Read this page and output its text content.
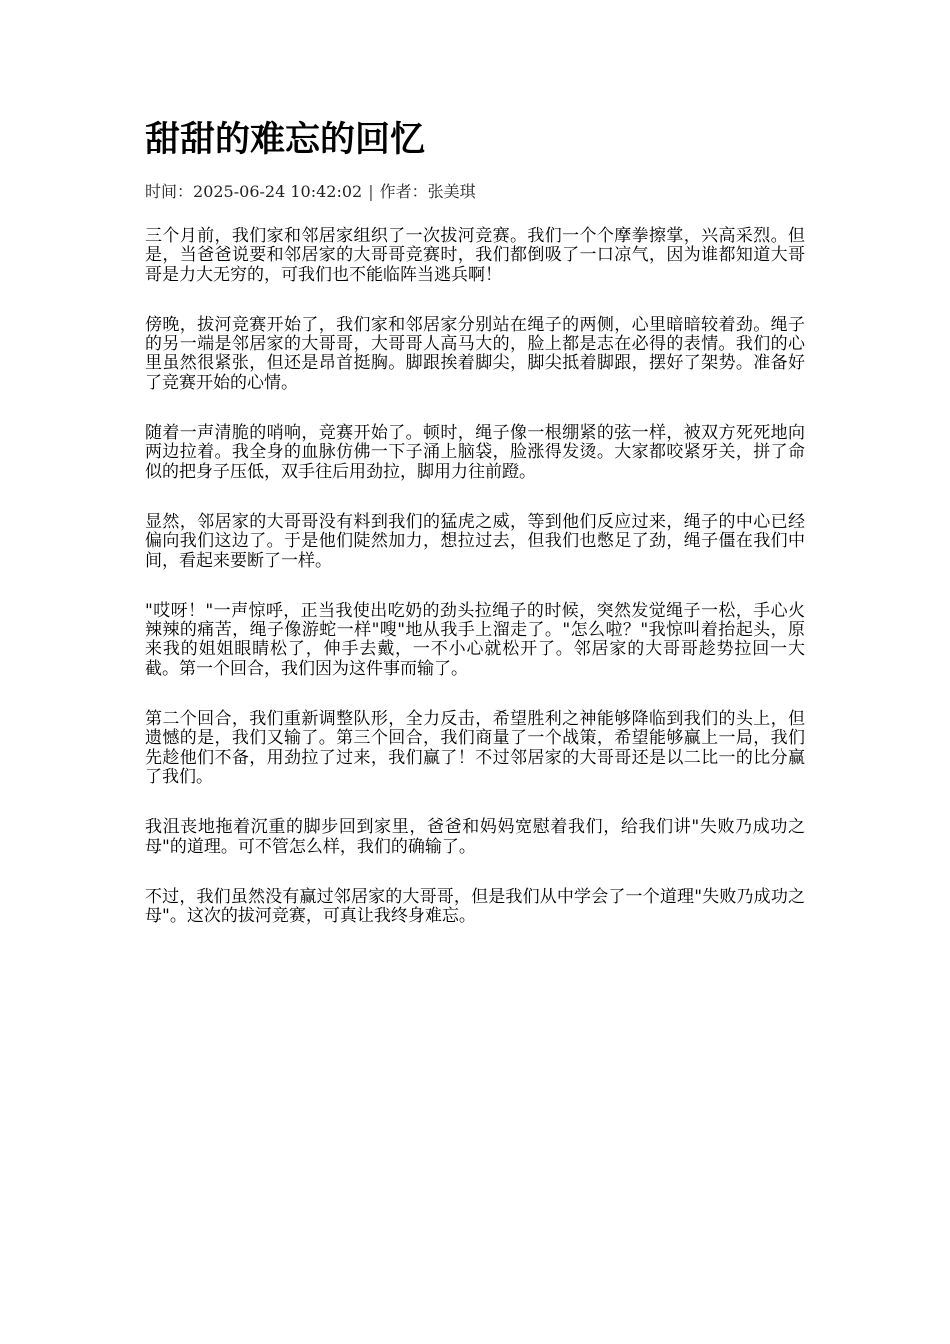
甜甜的难忘的回忆
时间：2025-06-24 10:42:02 | 作者：张美琪

三个月前，我们家和邻居家组织了一次拔河竞赛。我们一个个摩拳擦掌，兴高采烈。但是，当爸爸说要和邻居家的大哥哥竞赛时，我们都倒吸了一口凉气，因为谁都知道大哥哥是力大无穷的，可我们也不能临阵当逃兵啊！

傍晚，拔河竞赛开始了，我们家和邻居家分别站在绳子的两侧，心里暗暗较着劲。绳子的另一端是邻居家的大哥哥，大哥哥人高马大的，脸上都是志在必得的表情。我们的心里虽然很紧张，但还是昂首挺胸。脚跟挨着脚尖，脚尖抵着脚跟，摆好了架势。准备好了竞赛开始的心情。

随着一声清脆的哨响，竞赛开始了。顿时，绳子像一根绷紧的弦一样，被双方死死地向两边拉着。我全身的血脉仿佛一下子涌上脑袋，脸涨得发烫。大家都咬紧牙关，拼了命似的把身子压低，双手往后用劲拉，脚用力往前蹬。

显然，邻居家的大哥哥没有料到我们的猛虎之威，等到他们反应过来，绳子的中心已经偏向我们这边了。于是他们陡然加力，想拉过去，但我们也憋足了劲，绳子僵在我们中间，看起来要断了一样。

"哎呀！"一声惊呼，正当我使出吃奶的劲头拉绳子的时候，突然发觉绳子一松，手心火辣辣的痛苦，绳子像游蛇一样"嗖"地从我手上溜走了。"怎么啦？"我惊叫着抬起头，原来我的姐姐眼睛松了，伸手去戴，一不小心就松开了。邻居家的大哥哥趁势拉回一大截。第一个回合，我们因为这件事而输了。

第二个回合，我们重新调整队形，全力反击，希望胜利之神能够降临到我们的头上，但遗憾的是，我们又输了。第三个回合，我们商量了一个战策，希望能够赢上一局，我们先趁他们不备，用劲拉了过来，我们赢了！不过邻居家的大哥哥还是以二比一的比分赢了我们。

我沮丧地拖着沉重的脚步回到家里，爸爸和妈妈宽慰着我们，给我们讲"失败乃成功之母"的道理。可不管怎么样，我们的确输了。

不过，我们虽然没有赢过邻居家的大哥哥，但是我们从中学会了一个道理"失败乃成功之母"。这次的拔河竞赛，可真让我终身难忘。
